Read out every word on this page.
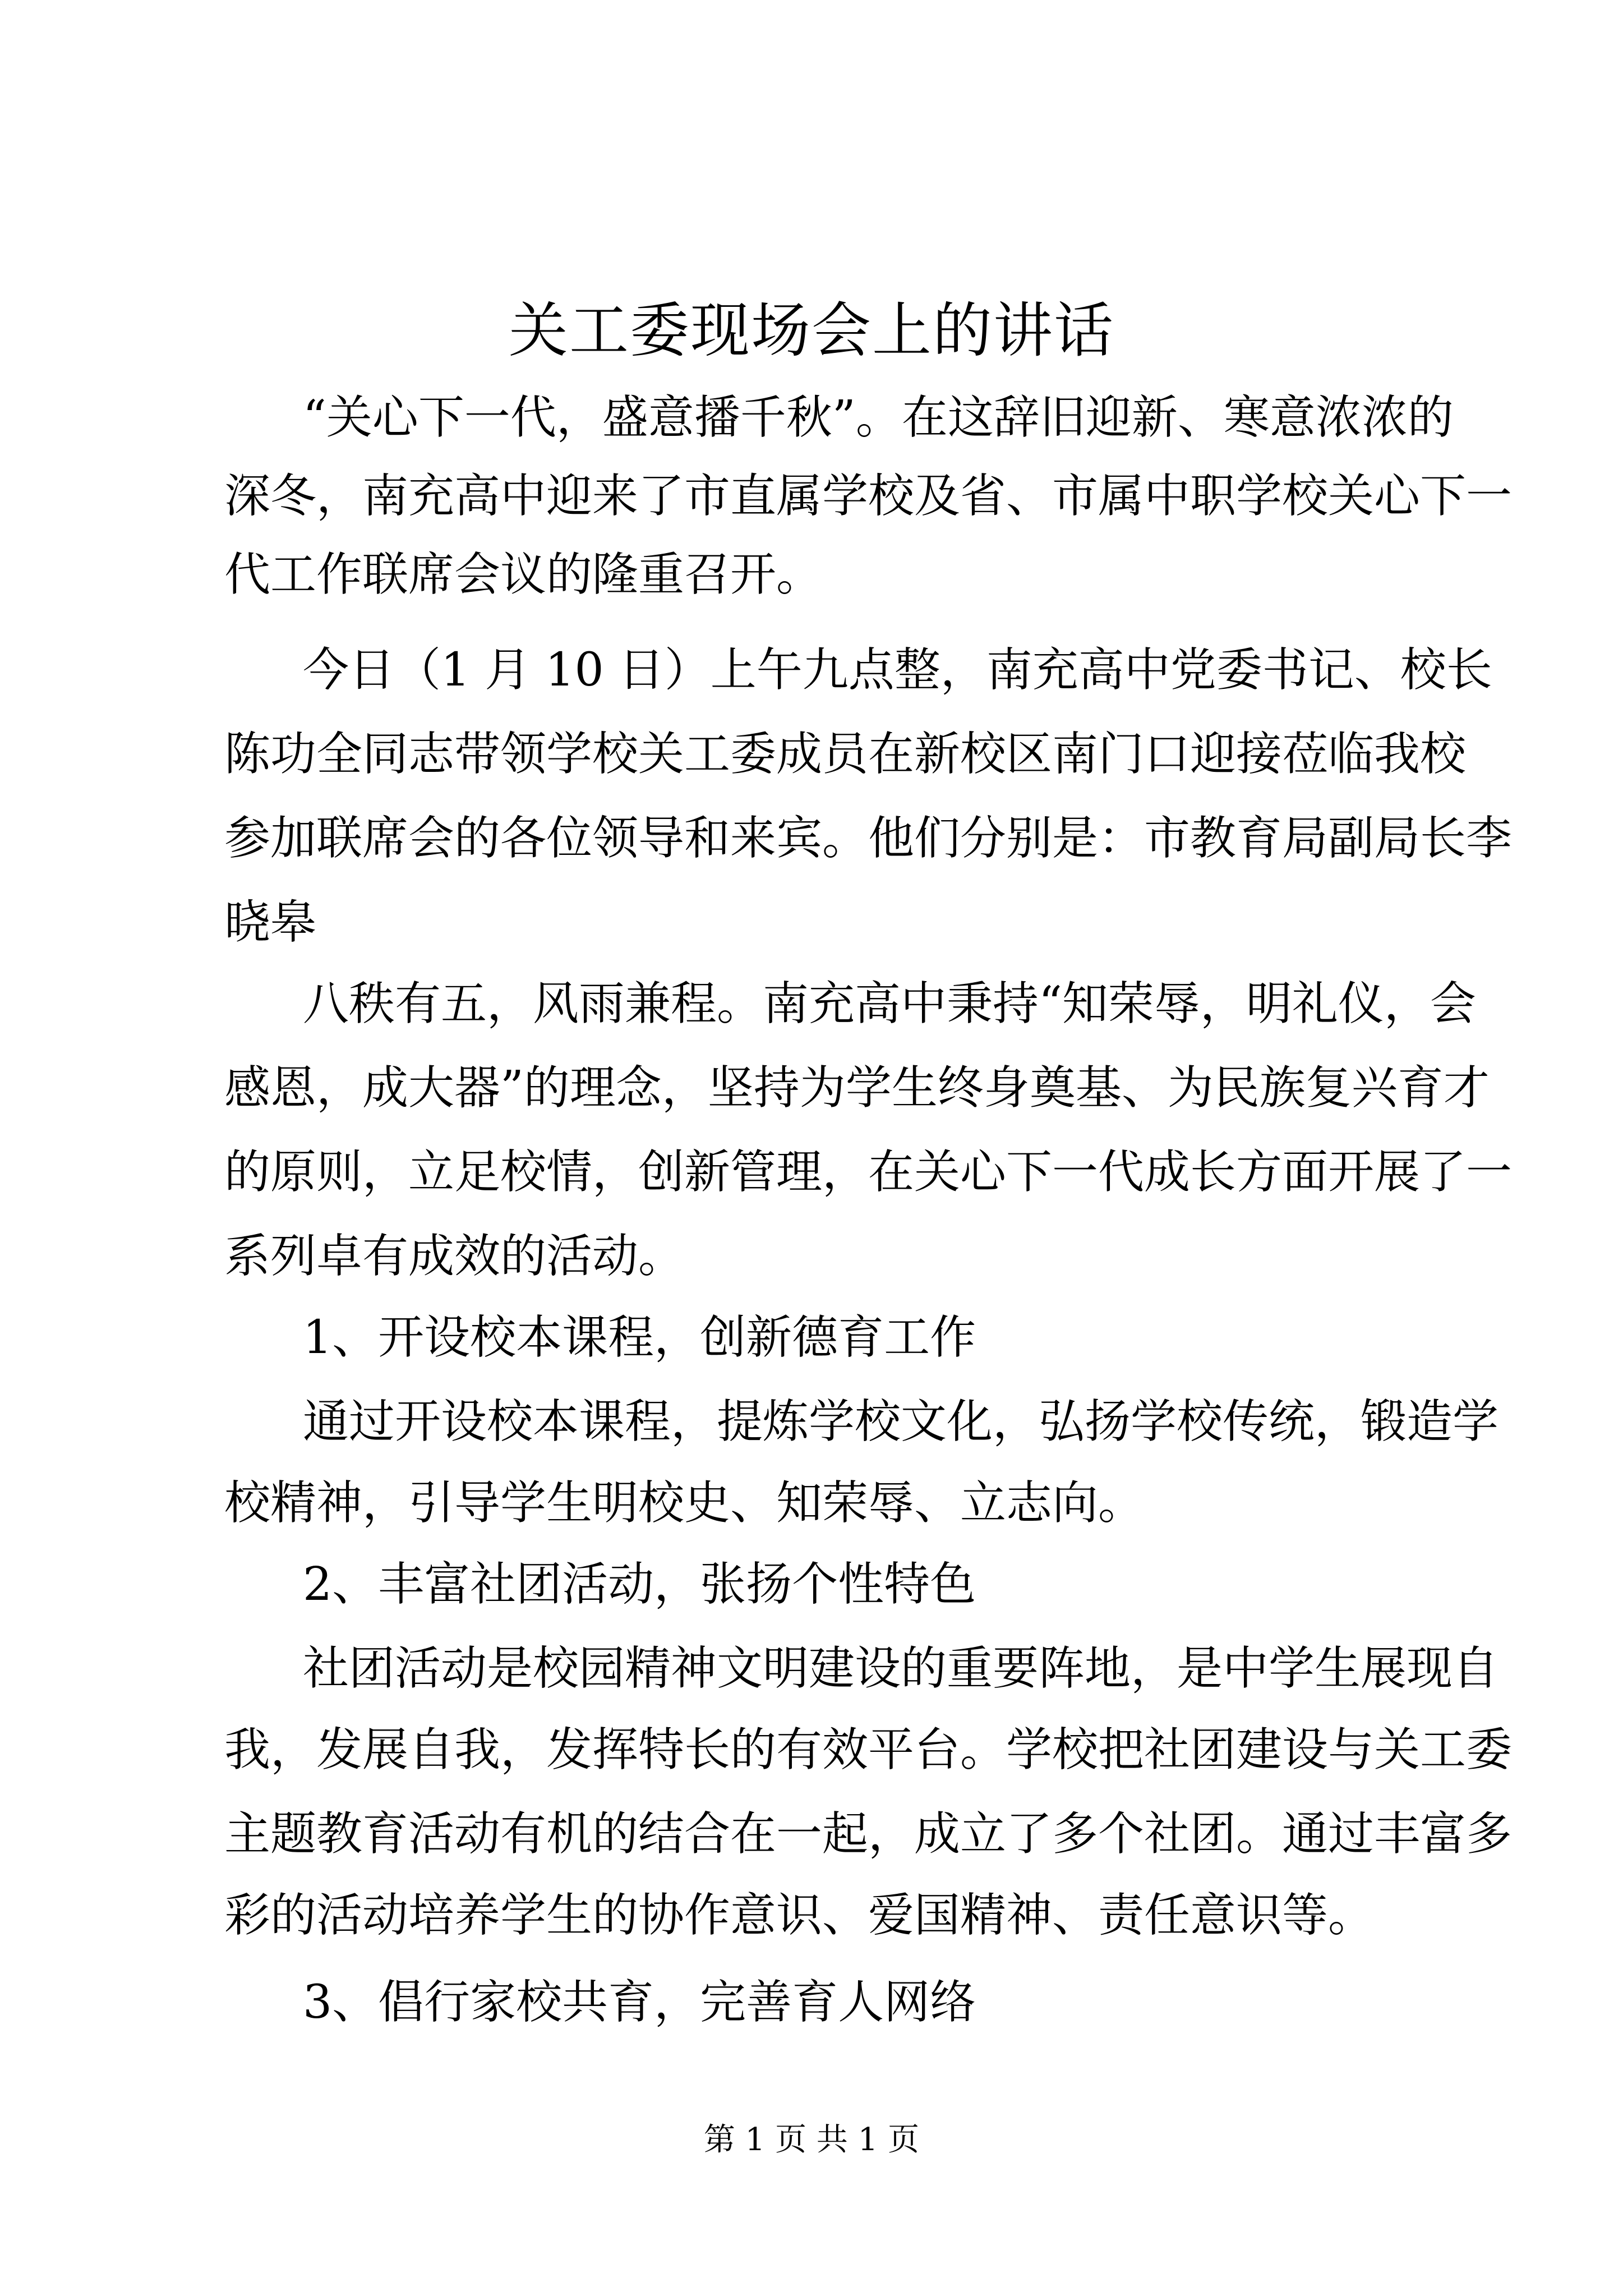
关工委现场会上的讲话
“关心下一代，盛意播千秋”。在这辞旧迎新、寒意浓浓的
深冬，南充高中迎来了市直属学校及省、市属中职学校关心下一
代工作联席会议的隆重召开。
今日（1 月 10 日）上午九点整，南充高中党委书记、校长
陈功全同志带领学校关工委成员在新校区南门口迎接莅临我校
参加联席会的各位领导和来宾。他们分别是：市教育局副局长李
晓皋
八秩有五，风雨兼程。南充高中秉持“知荣辱，明礼仪，会
感恩，成大器”的理念，坚持为学生终身奠基、为民族复兴育才
的原则，立足校情，创新管理，在关心下一代成长方面开展了一
系列卓有成效的活动。
1、开设校本课程，创新德育工作
通过开设校本课程，提炼学校文化，弘扬学校传统，锻造学
校精神，引导学生明校史、知荣辱、立志向。
2、丰富社团活动，张扬个性特色
社团活动是校园精神文明建设的重要阵地，是中学生展现自
我，发展自我，发挥特长的有效平台。学校把社团建设与关工委
主题教育活动有机的结合在一起，成立了多个社团。通过丰富多
彩的活动培养学生的协作意识、爱国精神、责任意识等。
3、倡行家校共育，完善育人网络
第 1 页 共 1 页
